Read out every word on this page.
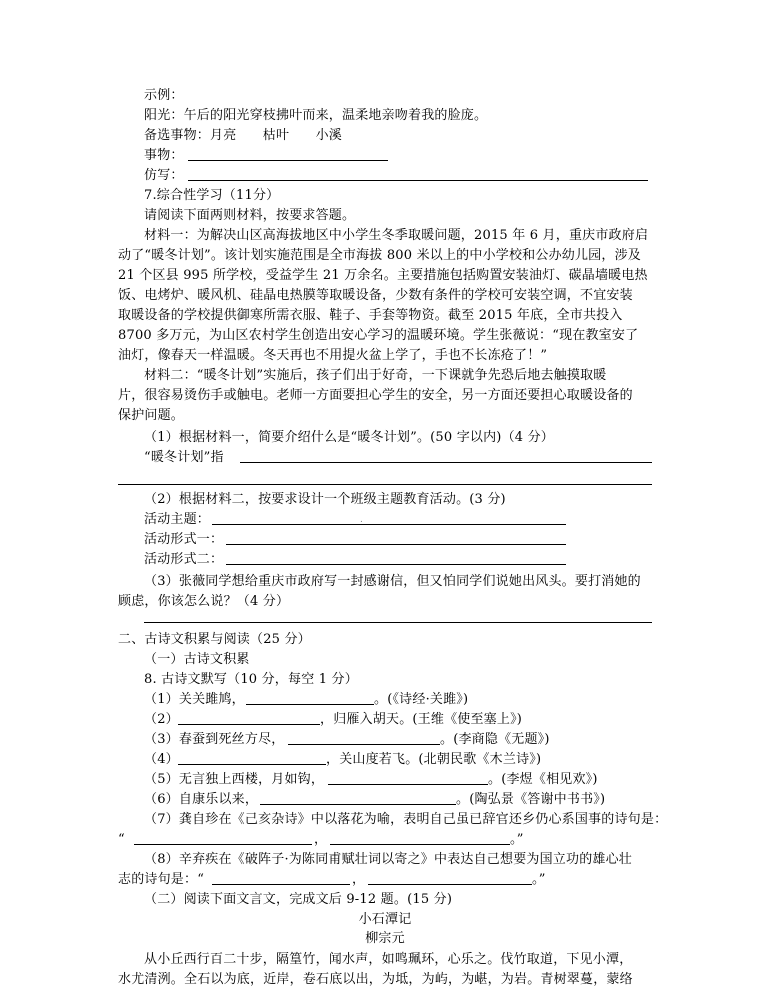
示例：
阳光：午后的阳光穿枝拂叶而来，温柔地亲吻着我的脸庞。
备选事物：月亮　　枯叶　　小溪
事物：
仿写：
7.综合性学习（11分）
请阅读下面两则材料，按要求答题。
材料一：为解决山区高海拔地区中小学生冬季取暖问题，2015 年 6 月，重庆市政府启
动了“暖冬计划”。该计划实施范围是全市海拔 800 米以上的中小学校和公办幼儿园，涉及
21 个区县 995 所学校，受益学生 21 万余名。主要措施包括购置安装油灯、碳晶墙暖电热
饭、电烤炉、暖风机、硅晶电热膜等取暖设备，少数有条件的学校可安装空调，不宜安装
取暖设备的学校提供御寒所需衣服、鞋子、手套等物资。截至 2015 年底，全市共投入
8700 多万元，为山区农村学生创造出安心学习的温暖环境。学生张薇说：“现在教室安了
油灯，像春天一样温暖。冬天再也不用提火盆上学了，手也不长冻疮了！”
材料二：“暖冬计划”实施后，孩子们出于好奇，一下课就争先恐后地去触摸取暖
片，很容易烫伤手或触电。老师一方面要担心学生的安全，另一方面还要担心取暖设备的
保护问题。
（1）根据材料一，简要介绍什么是“暖冬计划”。(50 字以内)（4 分）
“暖冬计划”指
（2）根据材料二，按要求设计一个班级主题教育活动。(3 分)
活动主题：	.
活动形式一：
活动形式二：
（3）张薇同学想给重庆市政府写一封感谢信，但又怕同学们说她出风头。要打消她的
顾虑，你该怎么说？（4 分）
二、古诗文积累与阅读（25 分）
（一）古诗文积累
8. 古诗文默写（10 分，每空 1 分）
（1）关关雎鸠，	。(《诗经·关雎》)
（2）	，归雁入胡天。(王维《使至塞上》)
（3）春蚕到死丝方尽，	。(李商隐《无题》)
（4）	，关山度若飞。(北朝民歌《木兰诗》)
（5）无言独上西楼，月如钩，	。(李煜《相见欢》)
（6）自康乐以来，	。(陶弘景《答谢中书书》)
（7）龚自珍在《己亥杂诗》中以落花为喻，表明自己虽已辞官还乡仍心系国事的诗句是：
“	，	。”
（8）辛弃疾在《破阵子·为陈同甫赋壮词以寄之》中表达自己想要为国立功的雄心壮
志的诗句是：“	，	。”
（二）阅读下面文言文，完成文后 9-12 题。(15 分)
小石潭记
柳宗元
从小丘西行百二十步，隔篁竹，闻水声，如鸣珮环，心乐之。伐竹取道，下见小潭，
水尤清洌。全石以为底，近岸，卷石底以出，为坻，为屿，为嵁，为岩。青树翠蔓，蒙络
